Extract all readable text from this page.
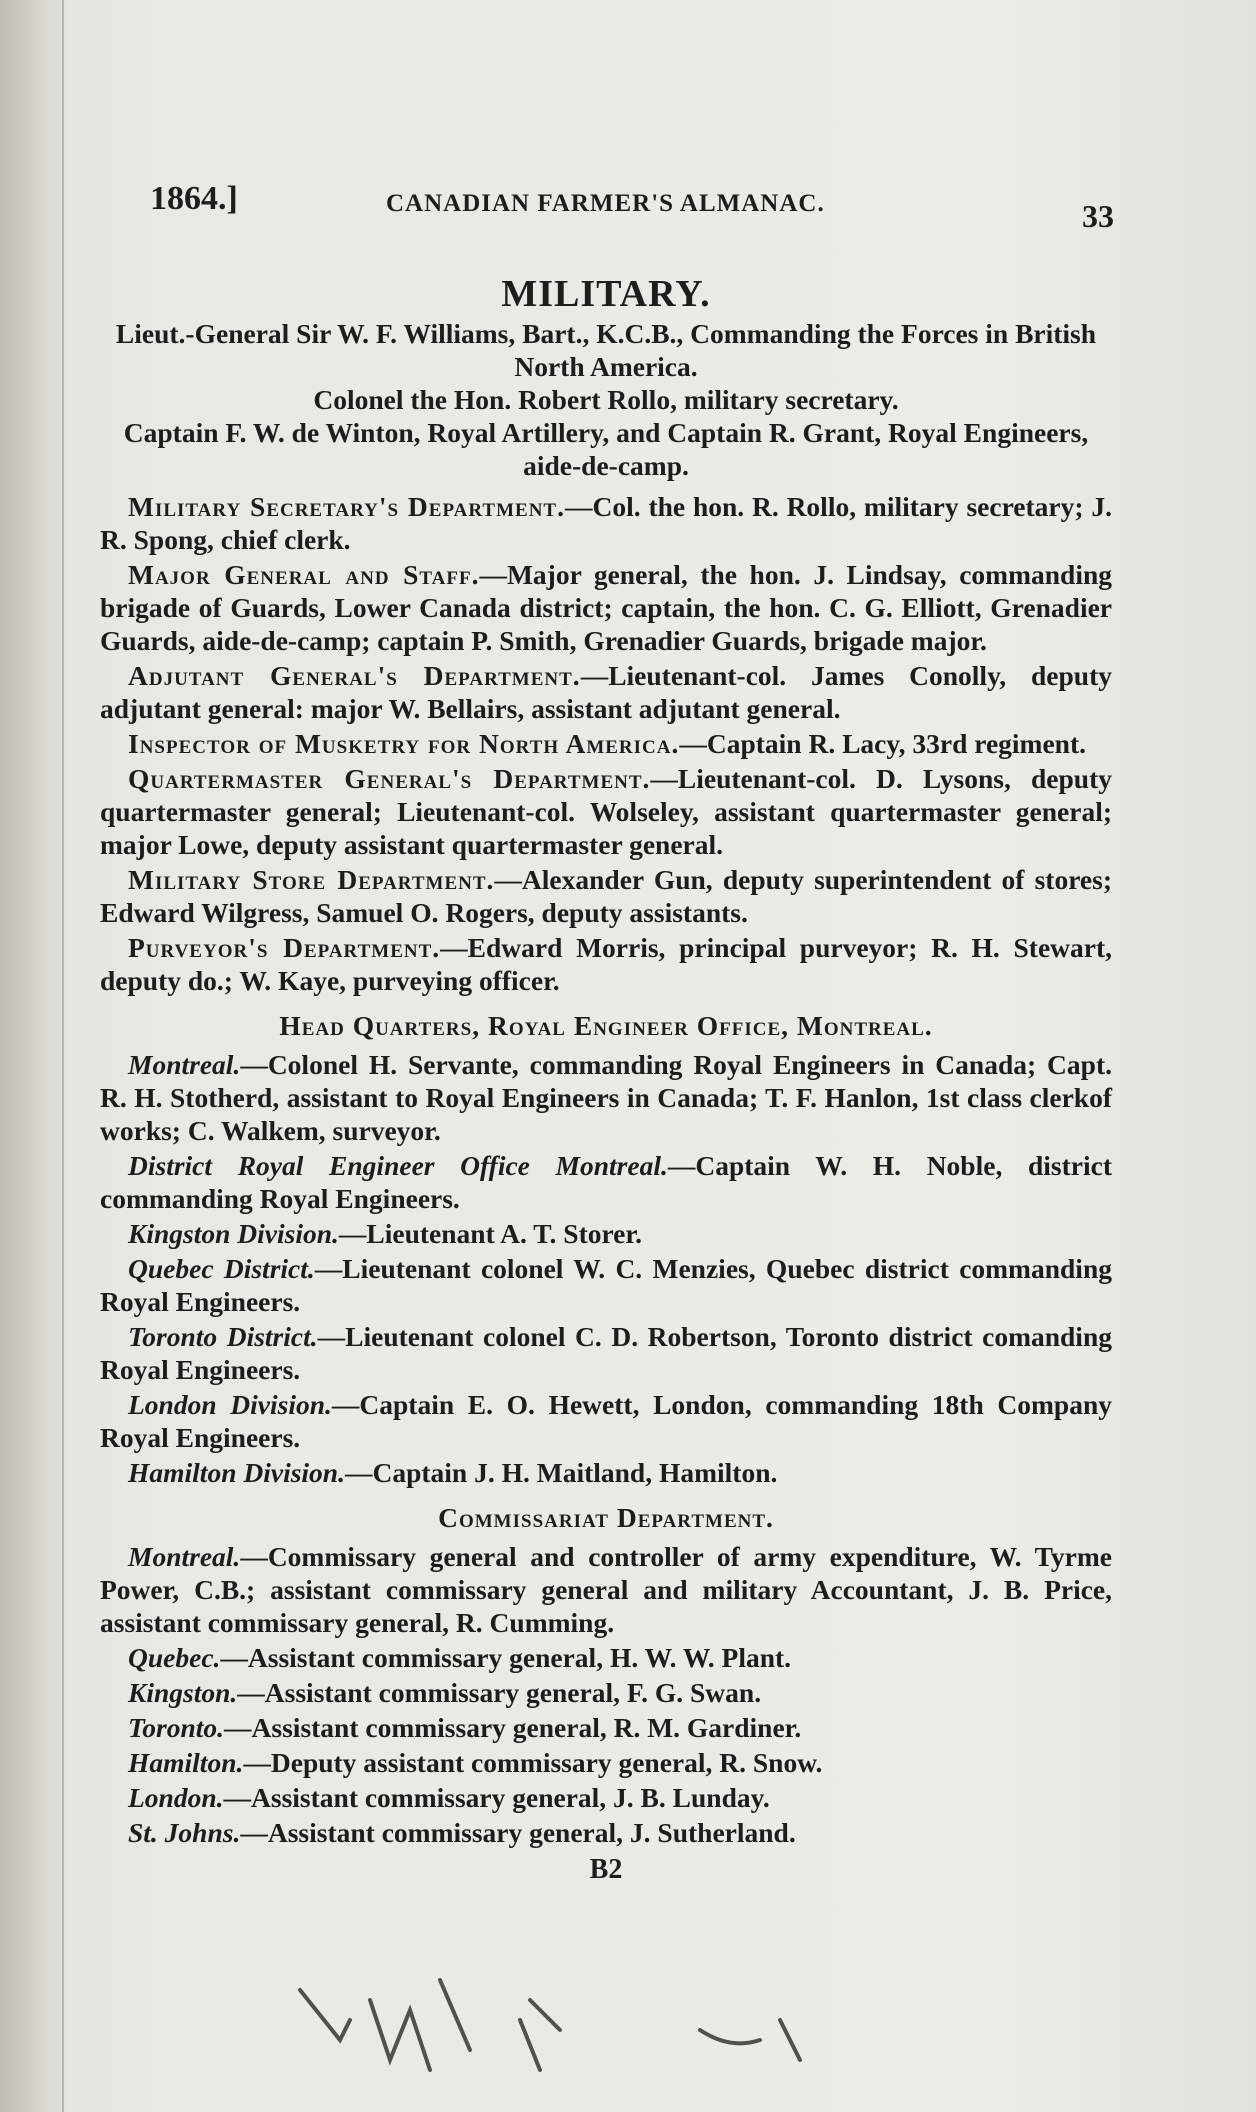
1864.]	CANADIAN FARMER'S ALMANAC.	33
MILITARY.

Lieut.-General Sir W. F. Williams, Bart., K.C.B., Commanding the Forces in British North America.

Colonel the Hon. Robert Rollo, military secretary.

Captain F. W. de Winton, Royal Artillery, and Captain R. Grant, Royal Engineers, aide-de-camp.

Military Secretary's Department.—Col. the hon. R. Rollo, military secretary; J. R. Spong, chief clerk.

Major General and Staff.—Major general, the hon. J. Lindsay, commanding brigade of Guards, Lower Canada district; captain, the hon. C. G. Elliott, Grenadier Guards, aide-de-camp; captain P. Smith, Grenadier Guards, brigade major.

Adjutant General's Department.—Lieutenant-col. James Conolly, deputy adjutant general: major W. Bellairs, assistant adjutant general.

Inspector of Musketry for North America.—Captain R. Lacy, 33rd regiment.

Quartermaster General's Department.—Lieutenant-col. D. Lysons, deputy quartermaster general; Lieutenant-col. Wolseley, assistant quartermaster general; major Lowe, deputy assistant quartermaster general.

Military Store Department.—Alexander Gun, deputy superintendent of stores; Edward Wilgress, Samuel O. Rogers, deputy assistants.

Purveyor's Department.—Edward Morris, principal purveyor; R. H. Stewart, deputy do.; W. Kaye, purveying officer.

Head Quarters, Royal Engineer Office, Montreal.

Montreal.—Colonel H. Servante, commanding Royal Engineers in Canada; Capt. R. H. Stotherd, assistant to Royal Engineers in Canada; T. F. Hanlon, 1st class clerkof works; C. Walkem, surveyor.

District Royal Engineer Office Montreal.—Captain W. H. Noble, district commanding Royal Engineers.

Kingston Division.—Lieutenant A. T. Storer.

Quebec District.—Lieutenant colonel W. C. Menzies, Quebec district commanding Royal Engineers.

Toronto District.—Lieutenant colonel C. D. Robertson, Toronto district comanding Royal Engineers.

London Division.—Captain E. O. Hewett, London, commanding 18th Company Royal Engineers.

Hamilton Division.—Captain J. H. Maitland, Hamilton.

Commissariat Department.

Montreal.—Commissary general and controller of army expenditure, W. Tyrme Power, C.B.; assistant commissary general and military Accountant, J. B. Price, assistant commissary general, R. Cumming.

Quebec.—Assistant commissary general, H. W. W. Plant.

Kingston.—Assistant commissary general, F. G. Swan.

Toronto.—Assistant commissary general, R. M. Gardiner.

Hamilton.—Deputy assistant commissary general, R. Snow.

London.—Assistant commissary general, J. B. Lunday.

St. Johns.—Assistant commissary general, J. Sutherland.

B2
